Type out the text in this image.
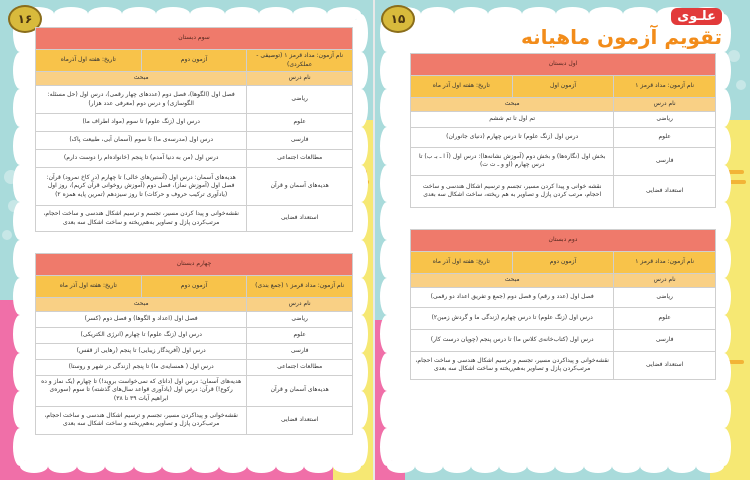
۱۶
سوم دبستان		
نام آزمون: مداد قرمز ۱ (توصیفی - عملکردی)	آزمون دوم	تاریخ: هفته اول آذرماه
نام درس	مبحث	
ریاضی	فصل اول (الگوها)، فصل دوم (عددهای چهار رقمی)، درس اول (حل مسئله: الگوسازی) و درس دوم (معرفی عدد هزار)	
علوم	درس اول (زنگ علوم) تا سوم (مواد اطراف ما)	
فارسی	درس اول (مدرسه‌ی ما) تا سوم (آسمان آبی، طبیعت پاک)	
مطالعات اجتماعی	درس اول (من به دنیا آمدم) تا پنجم (خانواده‌ام را دوست دارم)	
هدیه‌های آسمان و قرآن	هدیه‌های آسمان: درس اول (آستین‌های خالی) تا چهارم (در کاخ نمرود) قرآن: فصل اول (آموزش نماز)، فصل دوم (آموزش روخوانی قرآن کریم)، روز اول (یادآوری ترکیب حروف و حرکات) تا روز سیزدهم (تمرین پایه همزه ۲)	
استعداد فضایی	نقشه‌خوانی و پیدا کردن مسیر، تجسم و ترسیم اشکال هندسی و ساخت احجام، مرتب‌کردن پازل و تصاویر به‌هم‌ریخته و ساخت اشکال سه بعدی	
چهارم دبستان		
نام آزمون: مداد قرمز ۱ (جمع بندی)	آزمون دوم	تاریخ: هفته اول آذر ماه
نام درس	مبحث	
ریاضی	فصل اول (اعداد و الگوها) و فصل دوم (کسر)	
علوم	درس اول (زنگ علوم) تا چهارم (انرژی الکتریکی)	
فارسی	درس اول (آفریدگار زیبایی) تا پنجم (رهایی از قفس)	
مطالعات اجتماعی	درس اول ( همسایه‌ی ما) تا پنجم (زندگی در شهر و روستا)	
هدیه‌های آسمان و قرآن	هدیه‌های آسمان: درس اول (دانای که نمی‌خواست بروید!) تا چهارم (یک نماز و ده رکوع!) قرآن: درس اول (یادآوری قواعد سال‌های گذشته) تا سوم (سوره‌ی ابراهیم آیات ۳۹ تا ۳۸)	
استعداد فضایی	نقشه‌خوانی و پیداکردن مسیر، تجسم و ترسیم اشکال هندسی و ساخت احجام، مرتب‌کردن پازل و تصاویر به‌هم‌ریخته و ساخت اشکال سه بعدی	
۱۵	علـوی
تقویم آزمون ماهیانه
اول دبستان		
نام آزمون: مداد قرمز ۱	آزمون اول	تاریخ: هفته اول آذر ماه
نام درس	مبحث	
ریاضی	تم اول تا تم ششم	
علوم	درس اول (زنگ علوم) تا درس چهارم (دنیای جانوران)	
فارسی	بخش اول (نگاره‌ها) و بخش دوم (آموزش نشانه‌ها): درس اول (آ ا ـ بـ ب) تا درس چهارم (او و ـ ت ت)	
استعداد فضایی	نقشه خوانی و پیدا کردن مسیر، تجسم و ترسیم اشکال هندسی و ساخت احجام، مرتب کردن پازل و تصاویر به هم ریخته، ساخت اشکال سه بعدی	
دوم دبستان		
نام آزمون: مداد قرمز ۱	آزمون دوم	تاریخ: هفته اول آذر ماه
نام درس	مبحث	
ریاضی	فصل اول (عدد و رقم) و فصل دوم (جمع و تفریق اعداد دو رقمی)	
علوم	درس اول (زنگ علوم) تا درس چهارم (زندگی ما و گردش زمین۲)	
فارسی	درس اول (کتاب‌خانه‌ی کلاس ما) تا درس پنجم (چوپان درست کار)	
استعداد فضایی	نقشه‌خوانی و پیداکردن مسیر، تجسم و ترسیم اشکال هندسی و ساخت احجام، مرتب‌کردن پازل و تصاویر به‌هم‌ریخته و ساخت اشکال سه بعدی	
